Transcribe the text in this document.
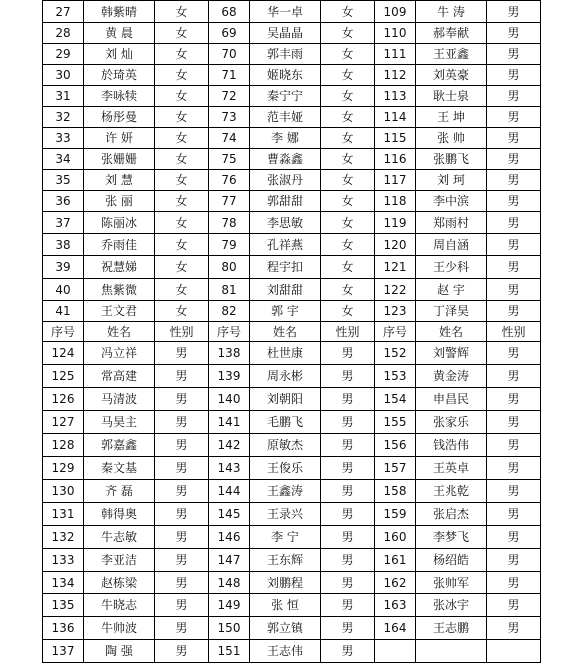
27	韩紫晴	女	68	华一卓	女	109	牛 涛	男
28	黄 晨	女	69	吴晶晶	女	110	郝奉献	男
29	刘 灿	女	70	郭丰雨	女	111	王亚鑫	男
30	於琦英	女	71	姬晓东	女	112	刘英豪	男
31	李咏犊	女	72	秦宁宁	女	113	耿士泉	男
32	杨彤曼	女	73	范丰娅	女	114	王 坤	男
33	许 妍	女	74	李 娜	女	115	张 帅	男
34	张姗姗	女	75	曹淼鑫	女	116	张鹏飞	男
35	刘 慧	女	76	张淑丹	女	117	刘 珂	男
36	张 丽	女	77	郭甜甜	女	118	李中滨	男
37	陈丽冰	女	78	李思敏	女	119	郑雨村	男
38	乔雨佳	女	79	孔祥燕	女	120	周自涵	男
39	祝慧娣	女	80	程宇扣	女	121	王少科	男
40	焦紫微	女	81	刘甜甜	女	122	赵 宇	男
41	王文君	女	82	郭 宇	女	123	丁泽昊	男
序号	姓名	性别	序号	姓名	性别	序号	姓名	性别
124	冯立祥	男	138	杜世康	男	152	刘警辉	男
125	常高建	男	139	周永彬	男	153	黄金涛	男
126	马清波	男	140	刘朝阳	男	154	申昌民	男
127	马昊主	男	141	毛鹏飞	男	155	张家乐	男
128	郭嘉鑫	男	142	原敏杰	男	156	钱浩伟	男
129	秦文基	男	143	王俊乐	男	157	王英卓	男
130	齐 磊	男	144	王鑫涛	男	158	王兆乾	男
131	韩得奥	男	145	王录兴	男	159	张启杰	男
132	牛志敏	男	146	李 宁	男	160	李梦飞	男
133	李亚洁	男	147	王东辉	男	161	杨绍皓	男
134	赵栋梁	男	148	刘鹏程	男	162	张帅军	男
135	牛晓志	男	149	张 恒	男	163	张冰宇	男
136	牛帅波	男	150	郭立镇	男	164	王志鹏	男
137	陶 强	男	151	王志伟	男			
